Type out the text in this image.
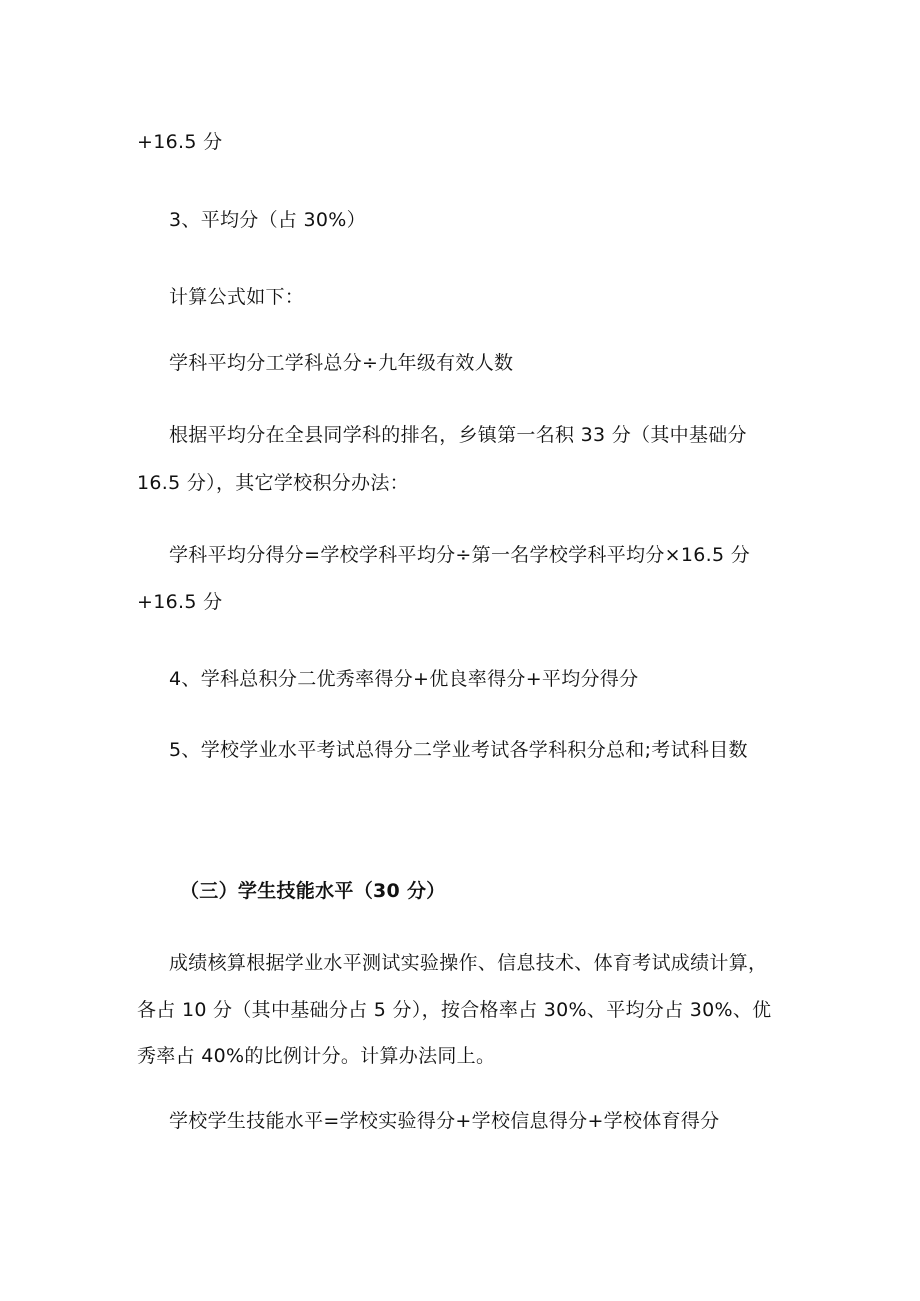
+16.5 分

3、平均分（占 30%）

计算公式如下：

学科平均分工学科总分÷九年级有效人数

根据平均分在全县同学科的排名，乡镇第一名积 33 分（其中基础分

16.5 分），其它学校积分办法：

学科平均分得分=学校学科平均分÷第一名学校学科平均分×16.5 分

+16.5 分

4、学科总积分二优秀率得分+优良率得分+平均分得分

5、学校学业水平考试总得分二学业考试各学科积分总和;考试科目数

（三）学生技能水平（30 分）

成绩核算根据学业水平测试实验操作、信息技术、体育考试成绩计算，

各占 10 分（其中基础分占 5 分），按合格率占 30%、平均分占 30%、优

秀率占 40%的比例计分。计算办法同上。

学校学生技能水平=学校实验得分+学校信息得分+学校体育得分
